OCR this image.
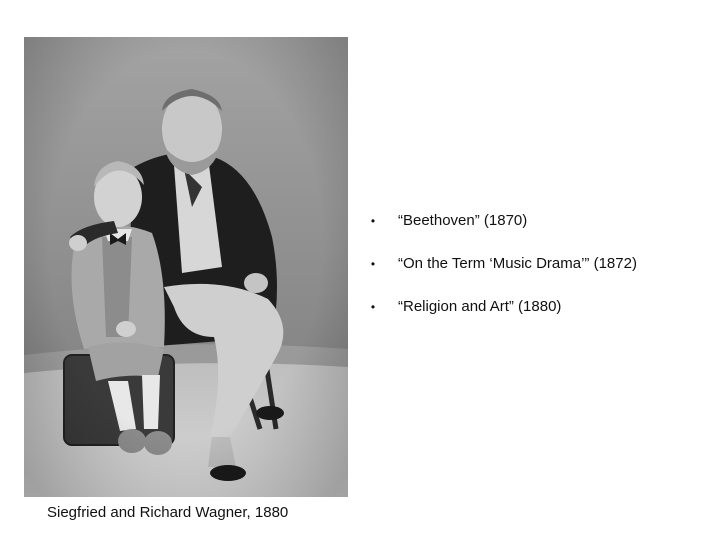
Siegfried and Richard Wagner, 1880
•	“Beethoven” (1870)
•	“On the Term ‘Music Drama’” (1872)
•	“Religion and Art” (1880)
